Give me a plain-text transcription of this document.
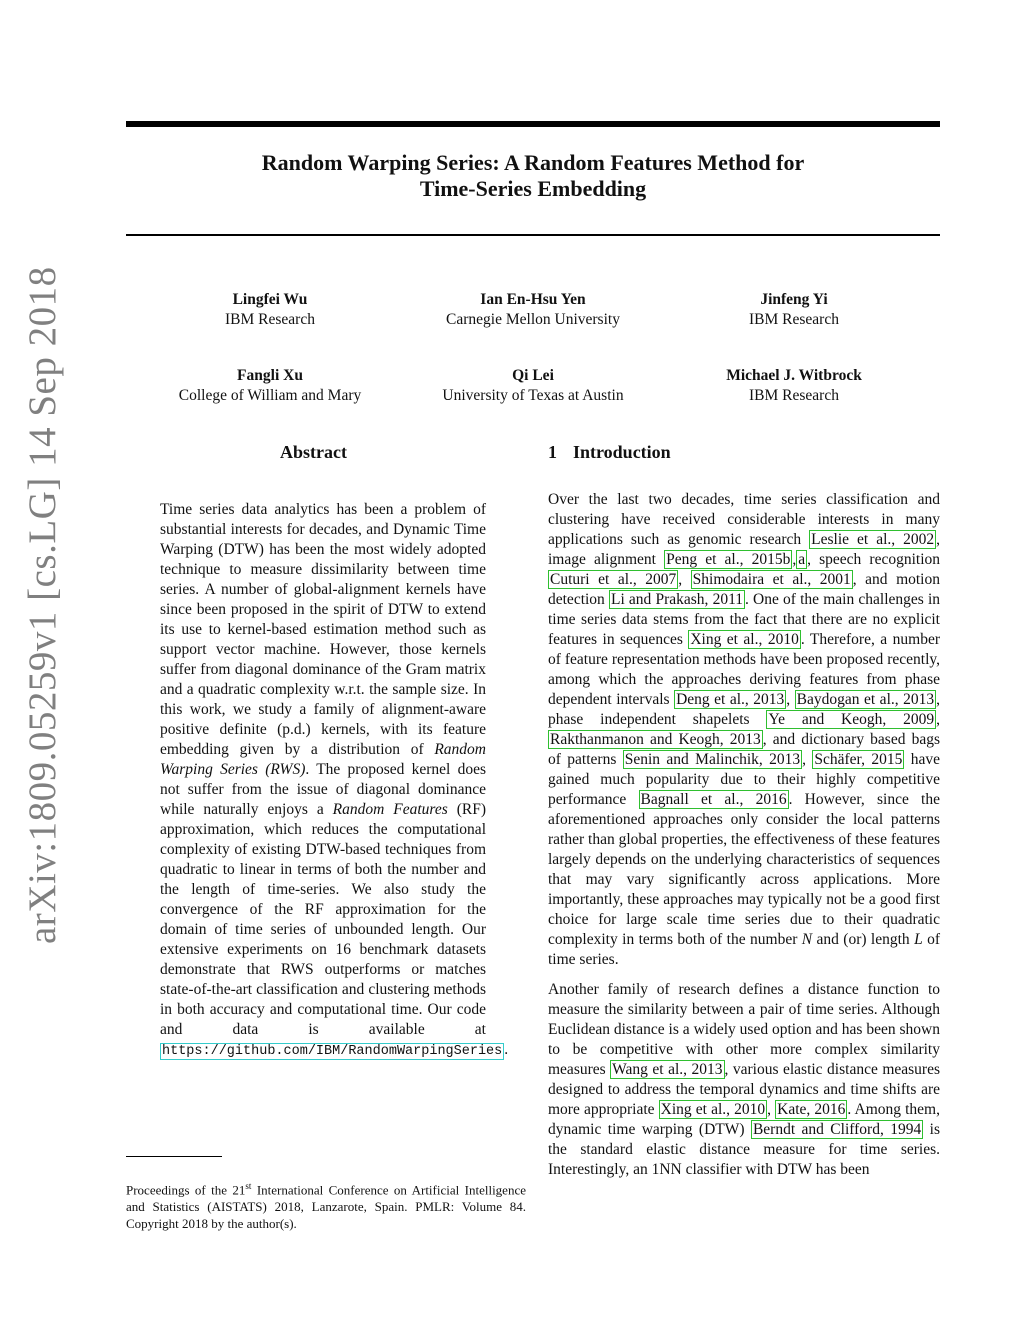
arXiv:1809.05259v1 [cs.LG] 14 Sep 2018
Random Warping Series: A Random Features Method for
Time-Series Embedding
Lingfei Wu
IBM Research
Ian En-Hsu Yen
Carnegie Mellon University
Jinfeng Yi
IBM Research
Fangli Xu
College of William and Mary
Qi Lei
University of Texas at Austin
Michael J. Witbrock
IBM Research
Abstract

Time series data analytics has been a problem of substantial interests for decades, and Dynamic Time Warping (DTW) has been the most widely adopted technique to measure dissimilarity between time series. A number of global-alignment kernels have since been proposed in the spirit of DTW to extend its use to kernel-based estimation method such as support vector machine. However, those kernels suffer from diagonal dominance of the Gram matrix and a quadratic complexity w.r.t. the sample size. In this work, we study a family of alignment-aware positive definite (p.d.) kernels, with its feature embedding given by a distribution of Random Warping Series (RWS). The proposed kernel does not suffer from the issue of diagonal dominance while naturally enjoys a Random Features (RF) approximation, which reduces the computational complexity of existing DTW-based techniques from quadratic to linear in terms of both the number and the length of time-series. We also study the convergence of the RF approximation for the domain of time series of unbounded length. Our extensive experiments on 16 benchmark datasets demonstrate that RWS outperforms or matches state-of-the-art classification and clustering methods in both accuracy and computational time. Our code and data is available at https://github.com/IBM/RandomWarpingSeries .

1 Introduction

Over the last two decades, time series classification and clustering have received considerable interests in many applications such as genomic research Leslie et al., 2002 , image alignment Peng et al., 2015b , a , speech recognition Cuturi et al., 2007 , Shimodaira et al., 2001 , and motion detection Li and Prakash, 2011 . One of the main challenges in time series data stems from the fact that there are no explicit features in sequences Xing et al., 2010 . Therefore, a number of feature representation methods have been proposed recently, among which the approaches deriving features from phase dependent intervals Deng et al., 2013 , Baydogan et al., 2013 , phase independent shapelets Ye and Keogh, 2009 , Rakthanmanon and Keogh, 2013 , and dictionary based bags of patterns Senin and Malinchik, 2013 , Schäfer, 2015 have gained much popularity due to their highly competitive performance Bagnall et al., 2016 . However, since the aforementioned approaches only consider the local patterns rather than global properties, the effectiveness of these features largely depends on the underlying characteristics of sequences that may vary significantly across applications. More importantly, these approaches may typically not be a good first choice for large scale time series due to their quadratic complexity in terms both of the number N and (or) length L of time series.

Another family of research defines a distance function to measure the similarity between a pair of time series. Although Euclidean distance is a widely used option and has been shown to be competitive with other more complex similarity measures Wang et al., 2013 , various elastic distance measures designed to address the temporal dynamics and time shifts are more appropriate Xing et al., 2010 , Kate, 2016 . Among them, dynamic time warping (DTW) Berndt and Clifford, 1994 is the standard elastic distance measure for time series. Interestingly, an 1NN classifier with DTW has been

Proceedings of the 21st International Conference on Artificial Intelligence and Statistics (AISTATS) 2018, Lanzarote, Spain. PMLR: Volume 84. Copyright 2018 by the author(s).
